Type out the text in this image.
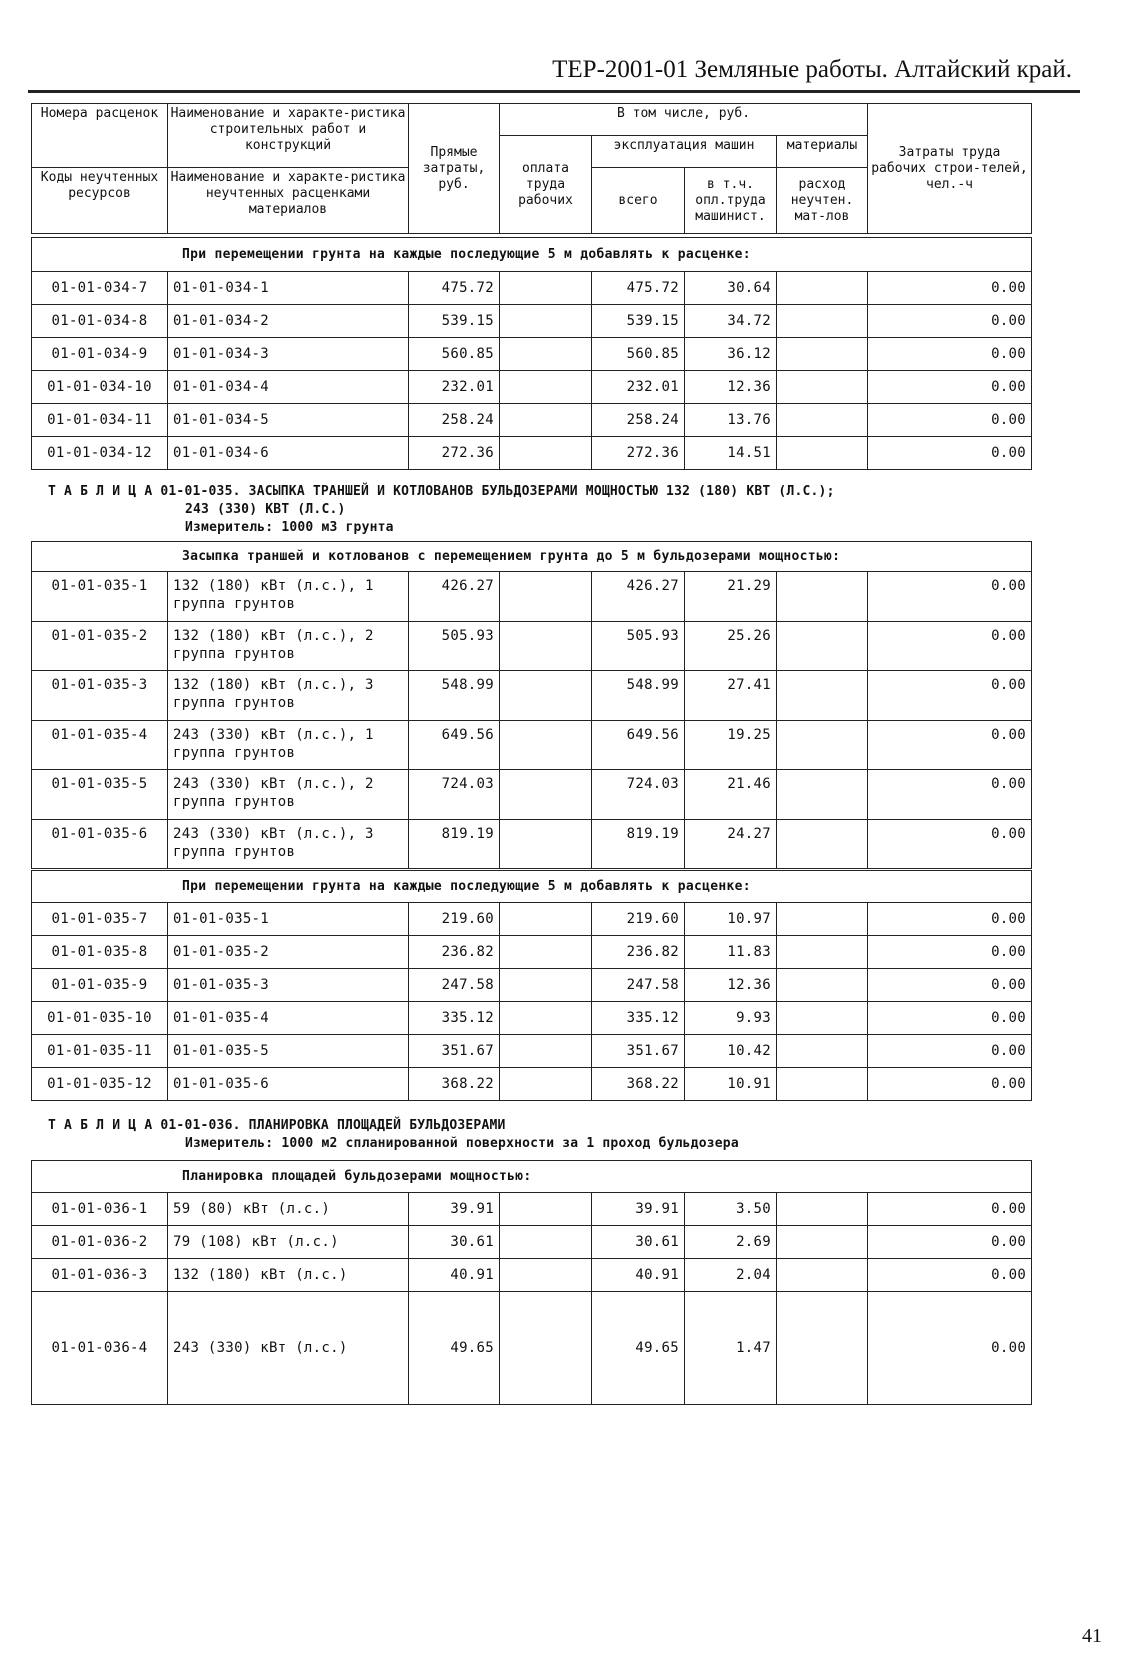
ТЕР-2001-01 Земляные работы. Алтайский край.
Номера расценок	Наименование и характе-ристика строительных работ и конструкций	Прямые затраты, руб.	В том числе, руб.				Затраты труда рабочих строи-телей, чел.-ч
			оплата труда рабочих	эксплуатация машин		материалы	
Коды неучтенных ресурсов	Наименование и характе-ристика неучтенных расценками материалов			всего	в т.ч. опл.труда машинист.	расход неучтен. мат-лов	

При перемещении грунта на каждые последующие 5 м добавлять к расценке:							
01-01-034-7	01-01-034-1	475.72		475.72	30.64		0.00
01-01-034-8	01-01-034-2	539.15		539.15	34.72		0.00
01-01-034-9	01-01-034-3	560.85		560.85	36.12		0.00
01-01-034-10	01-01-034-4	232.01		232.01	12.36		0.00
01-01-034-11	01-01-034-5	258.24		258.24	13.76		0.00
01-01-034-12	01-01-034-6	272.36		272.36	14.51		0.00
Т А Б Л И Ц А 01-01-035. ЗАСЫПКА ТРАНШЕЙ И КОТЛОВАНОВ БУЛЬДОЗЕРАМИ МОЩНОСТЬЮ 132 (180) КВТ (Л.С.);
243 (330) КВТ (Л.С.)
Измеритель: 1000 м3 грунта
Засыпка траншей и котлованов с перемещением грунта до 5 м бульдозерами мощностью:							
01-01-035-1	132 (180) кВт (л.с.), 1 группа грунтов	426.27		426.27	21.29		0.00
01-01-035-2	132 (180) кВт (л.с.), 2 группа грунтов	505.93		505.93	25.26		0.00
01-01-035-3	132 (180) кВт (л.с.), 3 группа грунтов	548.99		548.99	27.41		0.00
01-01-035-4	243 (330) кВт (л.с.), 1 группа грунтов	649.56		649.56	19.25		0.00
01-01-035-5	243 (330) кВт (л.с.), 2 группа грунтов	724.03		724.03	21.46		0.00
01-01-035-6	243 (330) кВт (л.с.), 3 группа грунтов	819.19		819.19	24.27		0.00
При перемещении грунта на каждые последующие 5 м добавлять к расценке:							
01-01-035-7	01-01-035-1	219.60		219.60	10.97		0.00
01-01-035-8	01-01-035-2	236.82		236.82	11.83		0.00
01-01-035-9	01-01-035-3	247.58		247.58	12.36		0.00
01-01-035-10	01-01-035-4	335.12		335.12	9.93		0.00
01-01-035-11	01-01-035-5	351.67		351.67	10.42		0.00
01-01-035-12	01-01-035-6	368.22		368.22	10.91		0.00
Т А Б Л И Ц А 01-01-036. ПЛАНИРОВКА ПЛОЩАДЕЙ БУЛЬДОЗЕРАМИ
Измеритель: 1000 м2 спланированной поверхности за 1 проход бульдозера
Планировка площадей бульдозерами мощностью:							
01-01-036-1	59 (80) кВт (л.с.)	39.91		39.91	3.50		0.00
01-01-036-2	79 (108) кВт (л.с.)	30.61		30.61	2.69		0.00
01-01-036-3	132 (180) кВт (л.с.)	40.91		40.91	2.04		0.00
01-01-036-4	243 (330) кВт (л.с.)	49.65		49.65	1.47		0.00
41
